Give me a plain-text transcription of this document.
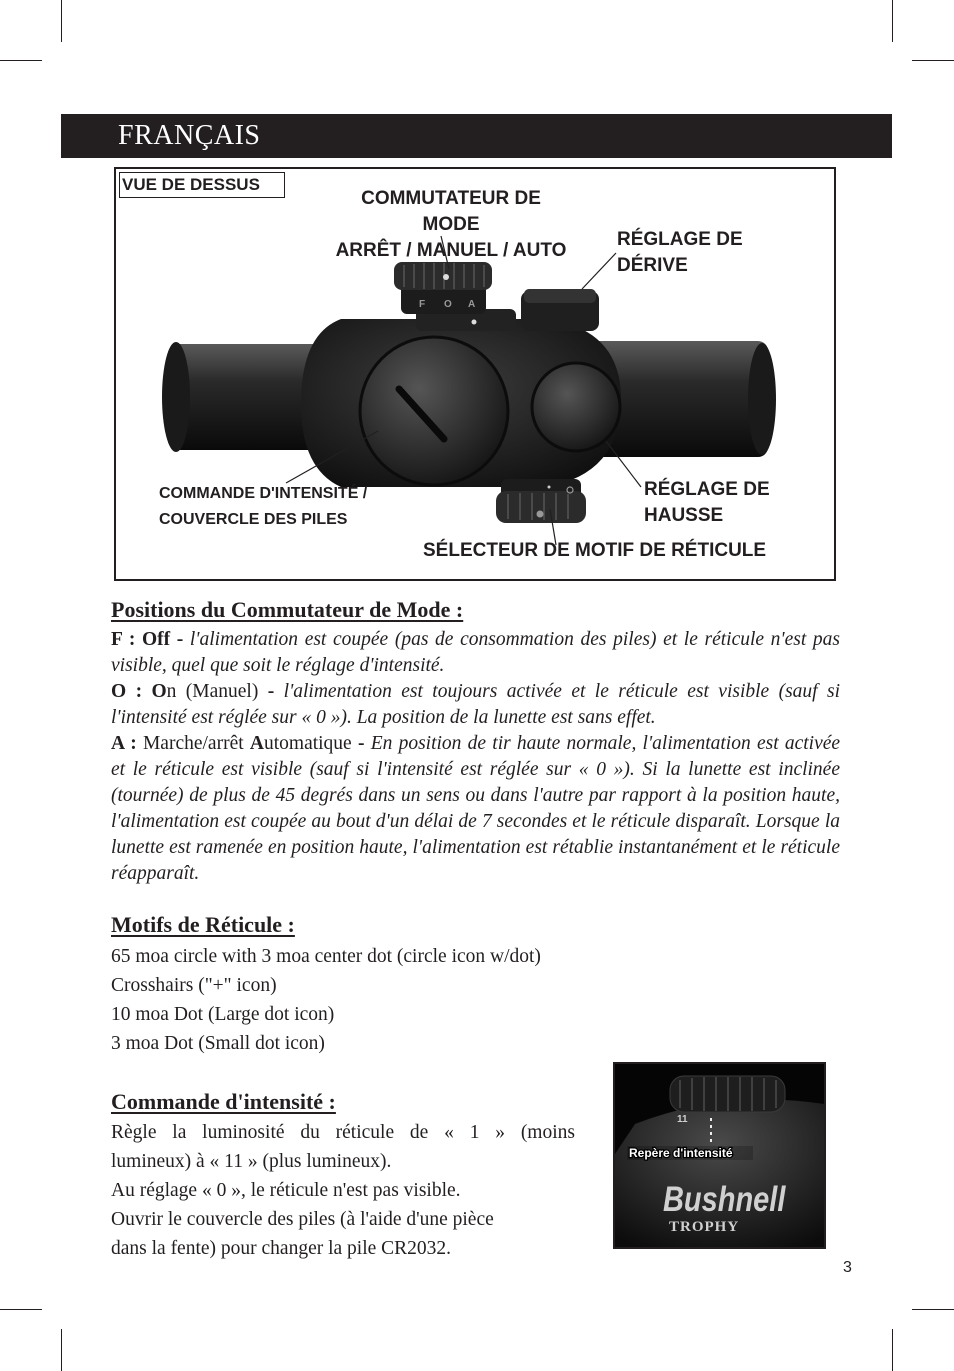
FRANÇAIS
VUE DE DESSUS
F O A
COMMUTATEUR DE MODE
ARRÊT / MANUEL / AUTO
RÉGLAGE DE
DÉRIVE
COMMANDE D'INTENSITÉ /
COUVERCLE DES PILES
RÉGLAGE DE
HAUSSE
SÉLECTEUR DE MOTIF DE RÉTICULE
Positions du Commutateur de Mode :
F : Off - l'alimentation est coupée (pas de consommation des piles) et le réticule n'est pas visible, quel que soit le réglage d'intensité.
O : On (Manuel) - l'alimentation est toujours activée et le réticule est visible (sauf si l'intensité est réglée sur « 0 »). La position de la lunette est sans effet.
A : Marche/arrêt Automatique - En position de tir haute normale, l'alimentation est activée et le réticule est visible (sauf si l'intensité est réglée sur « 0 »). Si la lunette est inclinée (tournée) de plus de 45 degrés dans un sens ou dans l'autre par rapport à la position haute, l'alimentation est coupée au bout d'un délai de 7 secondes et le réticule disparaît. Lorsque la lunette est ramenée en position haute, l'alimentation est rétablie instantanément et le réticule réapparaît.
Motifs de Réticule :
65 moa circle with 3 moa center dot (circle icon w/dot)
Crosshairs ("+" icon)
10 moa Dot (Large dot icon)
3 moa Dot (Small dot icon)
Commande d'intensité :
Règle la luminosité du réticule de « 1 » (moins
lumineux) à « 11 » (plus lumineux).
Au réglage « 0 », le réticule n'est pas visible.
Ouvrir le couvercle des piles (à l'aide d'une pièce
dans la fente) pour changer la pile CR2032.
11
Repère d'intensité
Bushnell
TROPHY
3
